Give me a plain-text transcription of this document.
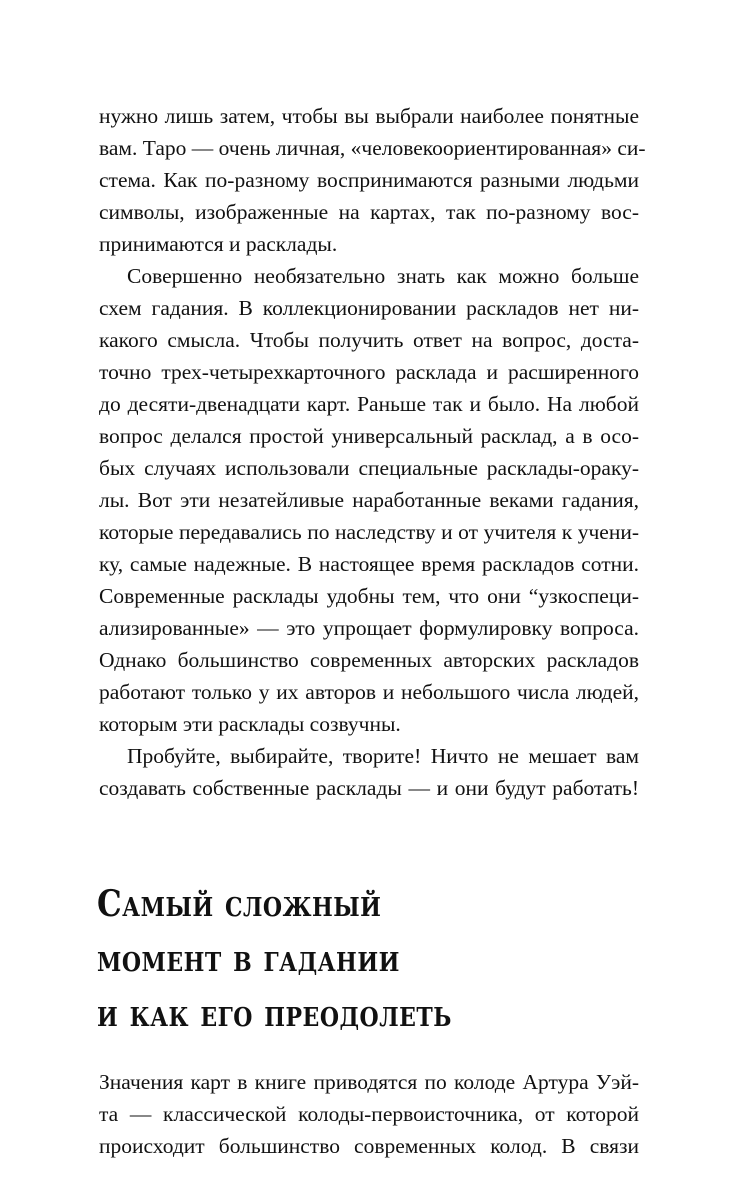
нужно лишь затем, чтобы вы выбрали наиболее понятные
вам. Таро — очень личная, «человекоориентированная» си-
стема. Как по-разному воспринимаются разными людьми
символы, изображенные на картах, так по-разному вос-
принимаются и расклады.
Совершенно необязательно знать как можно больше
схем гадания. В коллекционировании раскладов нет ни-
какого смысла. Чтобы получить ответ на вопрос, доста-
точно трех-четырехкарточного расклада и расширенного
до десяти-двенадцати карт. Раньше так и было. На любой
вопрос делался простой универсальный расклад, а в осо-
бых случаях использовали специальные расклады-ораку-
лы. Вот эти незатейливые наработанные веками гадания,
которые передавались по наследству и от учителя к учени-
ку, самые надежные. В настоящее время раскладов сотни.
Современные расклады удобны тем, что они “узкоспеци-
ализированные» — это упрощает формулировку вопроса.
Однако большинство современных авторских раскладов
работают только у их авторов и небольшого числа людей,
которым эти расклады созвучны.
Пробуйте, выбирайте, творите! Ничто не мешает вам
создавать собственные расклады — и они будут работать!
Самый сложный
момент в гадании
и как его преодолеть
Значения карт в книге приводятся по колоде Артура Уэй-
та — классической колоды-первоисточника, от которой
происходит большинство современных колод. В связи
